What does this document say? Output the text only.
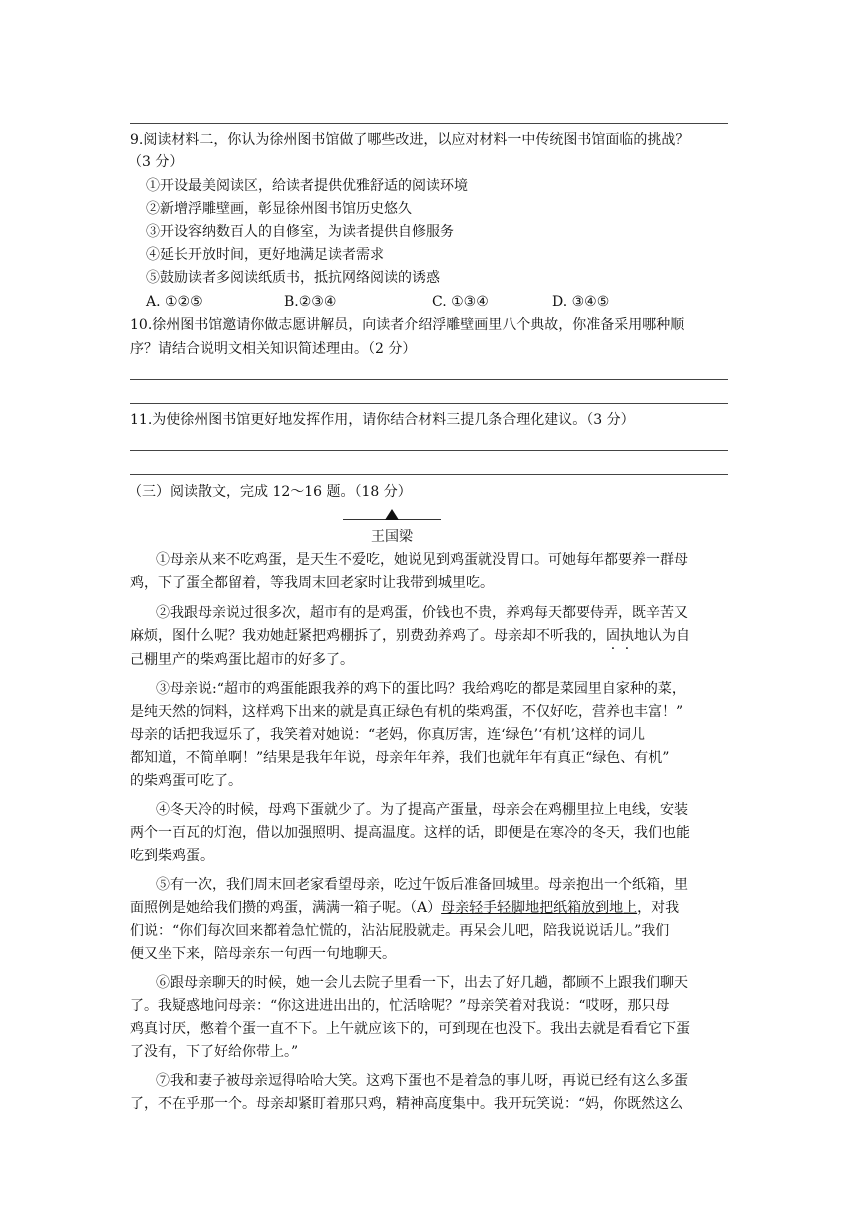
9.阅读材料二，你认为徐州图书馆做了哪些改进，以应对材料一中传统图书馆面临的挑战？
（3 分）
①开设最美阅读区，给读者提供优雅舒适的阅读环境
②新增浮雕壁画，彰显徐州图书馆历史悠久
③开设容纳数百人的自修室，为读者提供自修服务
④延长开放时间，更好地满足读者需求
⑤鼓励读者多阅读纸质书，抵抗网络阅读的诱惑
A. ①②⑤	B.②③④	C. ①③④	D. ③④⑤
10.徐州图书馆邀请你做志愿讲解员，向读者介绍浮雕壁画里八个典故，你准备采用哪种顺
序？请结合说明文相关知识简述理由。（2 分）
11.为使徐州图书馆更好地发挥作用，请你结合材料三提几条合理化建议。（3 分）
（三）阅读散文，完成 12～16 题。（18 分）
王国梁
①母亲从来不吃鸡蛋，是天生不爱吃，她说见到鸡蛋就没胃口。可她每年都要养一群母
鸡，下了蛋全都留着，等我周末回老家时让我带到城里吃。
②我跟母亲说过很多次，超市有的是鸡蛋，价钱也不贵，养鸡每天都要侍弄，既辛苦又
麻烦，图什么呢？我劝她赶紧把鸡棚拆了，别费劲养鸡了。母亲却不听我的，固执地认为自
己棚里产的柴鸡蛋比超市的好多了。
③母亲说:“超市的鸡蛋能跟我养的鸡下的蛋比吗？我给鸡吃的都是菜园里自家种的菜，
是纯天然的饲料，这样鸡下出来的就是真正绿色有机的柴鸡蛋，不仅好吃，营养也丰富！”
母亲的话把我逗乐了，我笑着对她说：“老妈，你真厉害，连‘绿色’‘有机’这样的词儿
都知道，不简单啊！”结果是我年年说，母亲年年养，我们也就年年有真正“绿色、有机”
的柴鸡蛋可吃了。
④冬天冷的时候，母鸡下蛋就少了。为了提高产蛋量，母亲会在鸡棚里拉上电线，安装
两个一百瓦的灯泡，借以加强照明、提高温度。这样的话，即便是在寒冷的冬天，我们也能
吃到柴鸡蛋。
⑤有一次，我们周末回老家看望母亲，吃过午饭后准备回城里。母亲抱出一个纸箱，里
面照例是她给我们攒的鸡蛋，满满一箱子呢。（A）母亲轻手轻脚地把纸箱放到地上，对我
们说：“你们每次回来都着急忙慌的，沾沾屁股就走。再呆会儿吧，陪我说说话儿。”我们
便又坐下来，陪母亲东一句西一句地聊天。
⑥跟母亲聊天的时候，她一会儿去院子里看一下，出去了好几趟，都顾不上跟我们聊天
了。我疑惑地问母亲：“你这进进出出的，忙活啥呢？”母亲笑着对我说：“哎呀，那只母
鸡真讨厌，憋着个蛋一直不下。上午就应该下的，可到现在也没下。我出去就是看看它下蛋
了没有，下了好给你带上。”
⑦我和妻子被母亲逗得哈哈大笑。这鸡下蛋也不是着急的事儿呀，再说已经有这么多蛋
了，不在乎那一个。母亲却紧盯着那只鸡，精神高度集中。我开玩笑说：“妈，你既然这么
